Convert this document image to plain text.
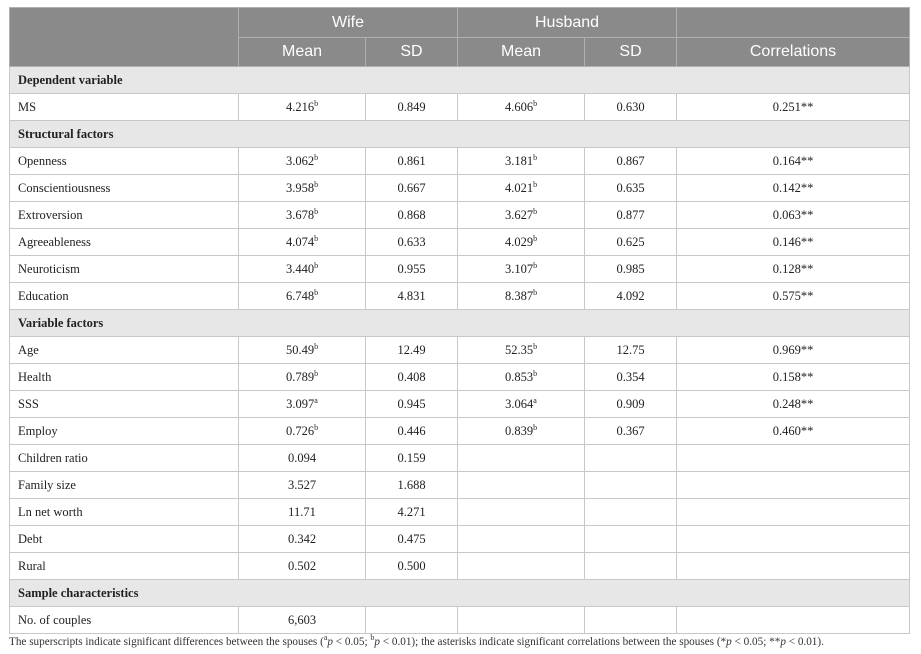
	Wife		Husband		
	Mean	SD	Mean	SD	Correlations
Dependent variable					
MS	4.216$^b$	0.849	4.606$^b$	0.630	0.251**
Structural factors					
Openness	3.062$^b$	0.861	3.181$^b$	0.867	0.164**
Conscientiousness	3.958$^b$	0.667	4.021$^b$	0.635	0.142**
Extroversion	3.678$^b$	0.868	3.627$^b$	0.877	0.063**
Agreeableness	4.074$^b$	0.633	4.029$^b$	0.625	0.146**
Neuroticism	3.440$^b$	0.955	3.107$^b$	0.985	0.128**
Education	6.748$^b$	4.831	8.387$^b$	4.092	0.575**
Variable factors					
Age	50.49$^b$	12.49	52.35$^b$	12.75	0.969**
Health	0.789$^b$	0.408	0.853$^b$	0.354	0.158**
SSS	3.097$^a$	0.945	3.064$^a$	0.909	0.248**
Employ	0.726$^b$	0.446	0.839$^b$	0.367	0.460**
Children ratio	0.094	0.159			
Family size	3.527	1.688			
Ln net worth	11.71	4.271			
Debt	0.342	0.475			
Rural	0.502	0.500			
Sample characteristics					
No. of couples	6,603				
The superscripts indicate significant differences between the spouses ($^a$p < 0.05; $^b$p < 0.01); the asterisks indicate significant correlations between the spouses (*p < 0.05; **p < 0.01).
